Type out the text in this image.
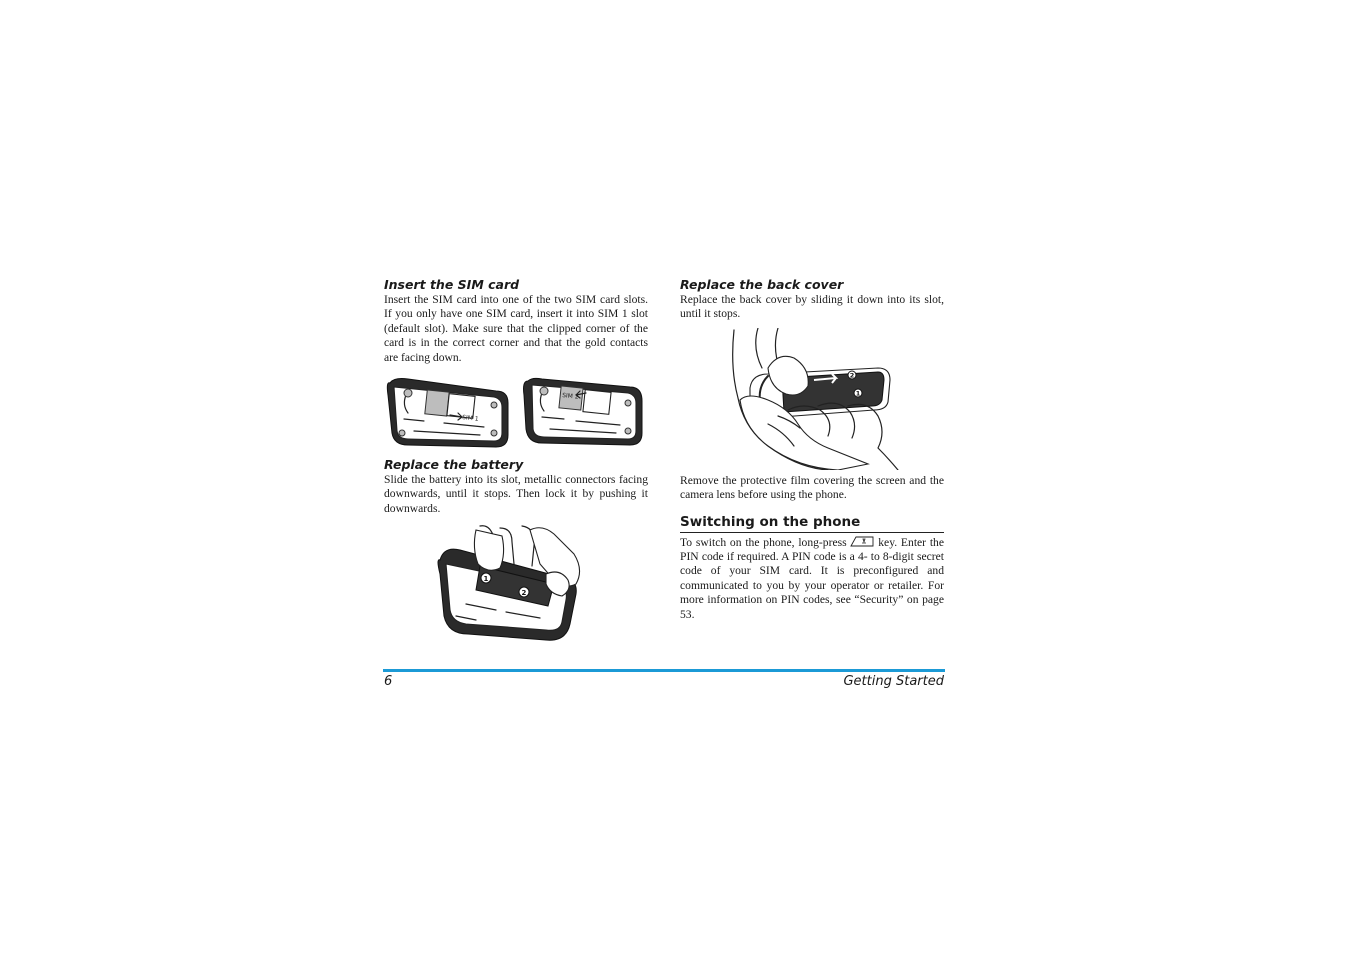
Insert the SIM card

Insert the SIM card into one of the two SIM card slots. If you only have one SIM card, insert it into SIM 1 slot (default slot). Make sure that the clipped corner of the card is in the correct corner and that the gold contacts are facing down.

SIM 1
SIM 2
Replace the battery

Slide the battery into its slot, metallic connectors facing downwards, until it stops. Then lock it by pushing it downwards.

1
2
Replace the back cover

Replace the back cover by sliding it down into its slot, until it stops.

2
1

Remove the protective film covering the screen and the camera lens before using the phone.

Switching on the phone

To switch on the phone, long-press	key. Enter the PIN code if required. A PIN code is a 4- to 8-digit secret code of your SIM card. It is preconfigured and communicated to you by your operator or retailer. For more information on PIN codes, see “Security” on page 53.

6	Getting Started
